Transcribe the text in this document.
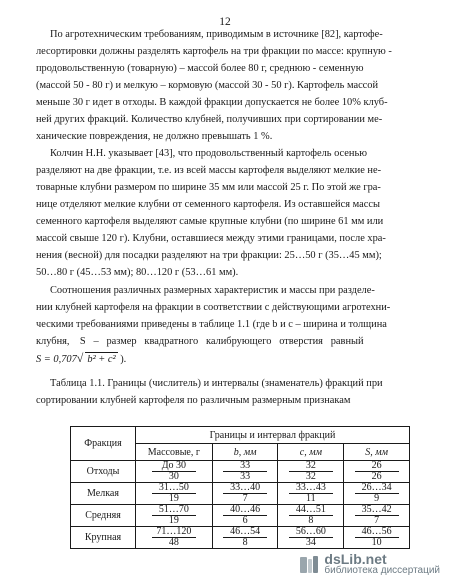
12
По агротехническим требованиям, приводимым в источнике [82], картофе-
лесортировки должны разделять картофель на три фракции по массе: крупную -
продовольственную (товарную) – массой более 80 г, среднюю - семенную
(массой 50 - 80 г) и мелкую – кормовую (массой 30 - 50 г). Картофель массой
меньше 30 г идет в отходы. В каждой фракции допускается не более 10% клуб-
ней других фракций. Количество клубней, получивших при сортировании ме-
ханические повреждения, не должно превышать 1 %.
Колчин Н.Н. указывает [43], что продовольственный картофель осенью
разделяют на две фракции, т.е. из всей массы картофеля выделяют мелкие не-
товарные клубни размером по ширине 35 мм или массой 25 г. По этой же гра-
нице отделяют мелкие клубни от семенного картофеля. Из оставшейся массы
семенного картофеля выделяют самые крупные клубни (по ширине 61 мм или
массой свыше 120 г). Клубни, оставшиеся между этими границами, после хра-
нения (весной) для посадки разделяют на три фракции: 25…50 г (35…45 мм);
50…80 г (45…53 мм); 80…120 г (53…61 мм).
Соотношения различных размерных характеристик и массы при разделе-
нии клубней картофеля на фракции в соответствии с действующими агротехни-
ческими требованиями приведены в таблице 1.1 (где b и c – ширина и толщина
клубня,    S   –   размер   квадратного   калибрующего   отверстия   равный
S = 0,707√ b² + c² ).
Таблица 1.1. Границы (числитель) и интервалы (знаменатель) фракций при
сортировании клубней картофеля по различным размерным признакам
Фракция	Границы и интервал фракций			
	Массовые, г	b, мм	c, мм	S, мм
Отходы	$\frac{До 30}{30}$	$\frac{33}{33}$	$\frac{32}{32}$	$\frac{26}{26}$

Мелкая	$\frac{31\dots 50}{19}$	$\frac{33\dots 40}{7}$	$\frac{33\dots 43}{11}$	$\frac{26\dots 34}{9}$

Средняя	$\frac{51\dots 70}{19}$	$\frac{40\dots 46}{6}$	$\frac{44\dots 51}{8}$	$\frac{35\dots 42}{7}$

Крупная	$\frac{71\dots 120}{48}$	$\frac{46\dots 54}{8}$	$\frac{56\dots 60}{34}$	$\frac{46\dots 56}{10}$
dsLib.net
библиотека диссертаций
